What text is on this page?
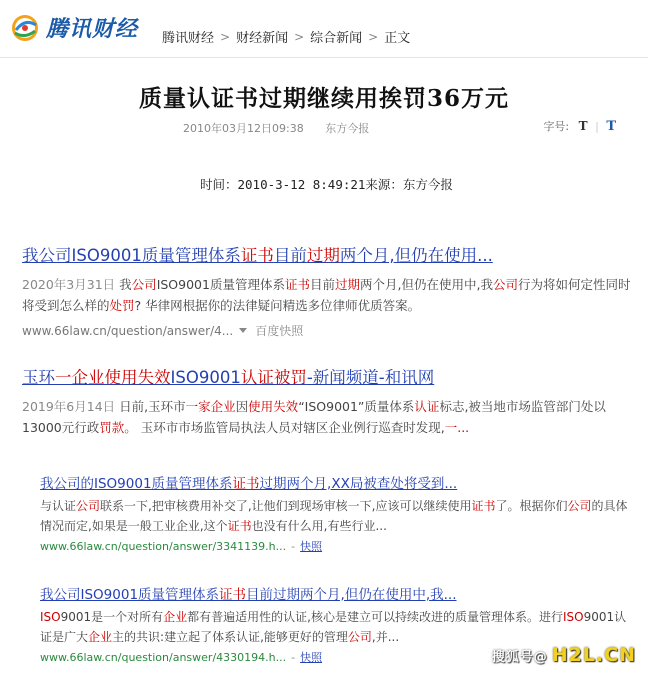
腾讯财经 腾讯财经 > 财经新闻 > 综合新闻 > 正文
质量认证书过期继续用挨罚36万元
2010年03月12日09:38 东方今报	字号: T | T
时间：2010-3-12 8:49:21来源：东方今报
我公司ISO9001质量管理体系证书目前过期两个月,但仍在使用...
2020年3月31日 我公司ISO9001质量管理体系证书目前过期两个月,但仍在使用中,我公司行为将如何定性同时将受到怎么样的处罚? 华律网根据你的法律疑问精选多位律师优质答案。
www.66law.cn/question/answer/4... 百度快照
玉环一企业使用失效ISO9001认证被罚-新闻频道-和讯网
2019年6月14日 日前,玉环市一家企业因使用失效“ISO9001”质量体系认证标志,被当地市场监管部门处以13000元行政罚款。 玉环市市场监管局执法人员对辖区企业例行巡查时发现,一...
我公司的ISO9001质量管理体系证书过期两个月,XX局被查处将受到...
与认证公司联系一下,把审核费用补交了,让他们到现场审核一下,应该可以继续使用证书了。根据你们公司的具体情况而定,如果是一般工业企业,这个证书也没有什么用,有些行业...
www.66law.cn/question/answer/3341139.h... - 快照
我公司ISO9001质量管理体系证书目前过期两个月,但仍在使用中,我...
ISO9001是一个对所有企业都有普遍适用性的认证,核心是建立可以持续改进的质量管理体系。进行ISO9001认证是广大企业主的共识:建立起了体系认证,能够更好的管理公司,并...
www.66law.cn/question/answer/4330194.h... - 快照	搜狐号@ H2L.CN
